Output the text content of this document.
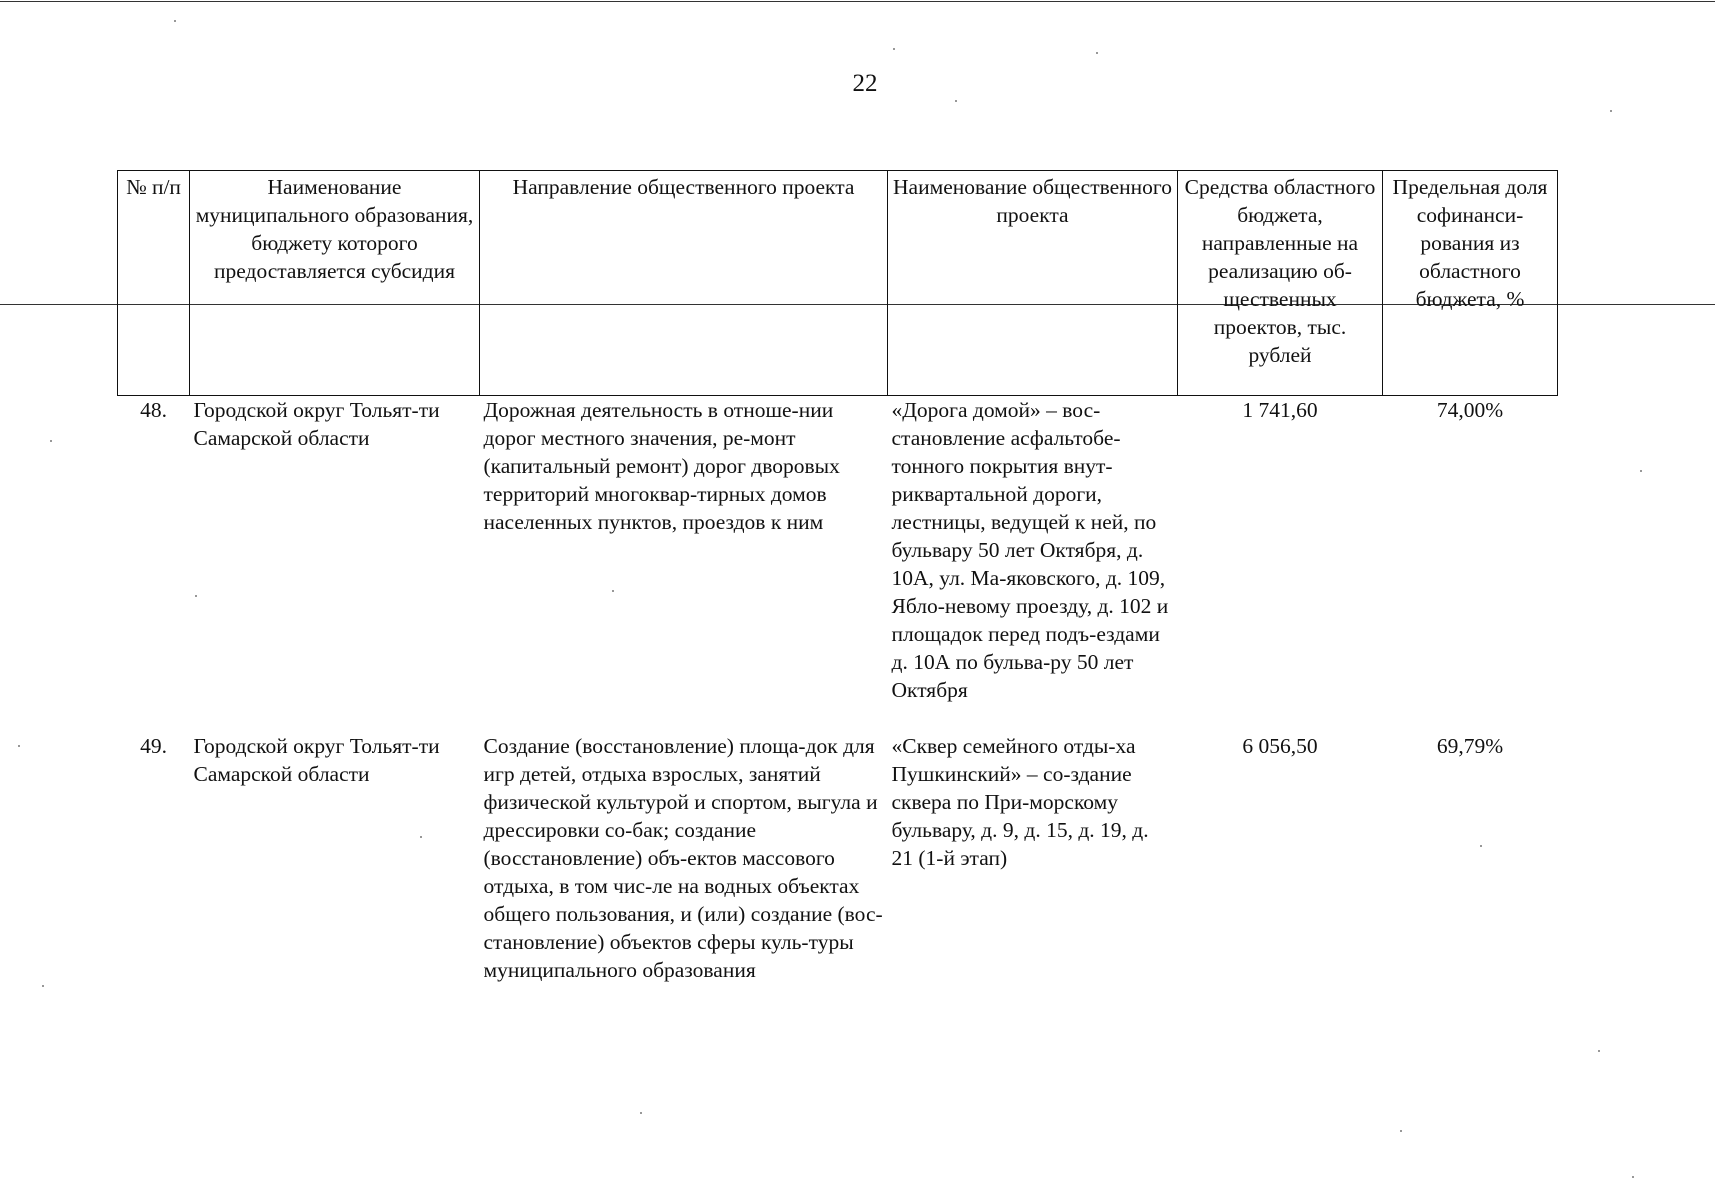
22
№ п/п	Наименование муниципального образования, бюджету которого предоставляется субсидия	Направление общественного проекта	Наименование общественного проекта	Средства областного бюджета, направленные на реализацию об-щественных проектов, тыс. рублей	Предельная доля софинанси-рования из областного бюджета, %
48.	Городской округ Тольят-ти Самарской области	Дорожная деятельность в отноше-нии дорог местного значения, ре-монт (капитальный ремонт) дорог дворовых территорий многоквар-тирных домов населенных пунктов, проездов к ним	«Дорога домой» – вос-становление асфальтобе-тонного покрытия внут-риквартальной дороги, лестницы, ведущей к ней, по бульвару 50 лет Октября, д. 10А, ул. Ма-яковского, д. 109, Ябло-невому проезду, д. 102 и площадок перед подъ-ездами д. 10А по бульва-ру 50 лет Октября	1 741,60	74,00%
49.	Городской округ Тольят-ти Самарской области	Создание (восстановление) площа-док для игр детей, отдыха взрослых, занятий физической культурой и спортом, выгула и дрессировки со-бак; создание (восстановление) объ-ектов массового отдыха, в том чис-ле на водных объектах общего пользования, и (или) создание (вос-становление) объектов сферы куль-туры муниципального образования	«Сквер семейного отды-ха Пушкинский» – со-здание сквера по При-морскому бульвару, д. 9, д. 15, д. 19, д. 21 (1-й этап)	6 056,50	69,79%
